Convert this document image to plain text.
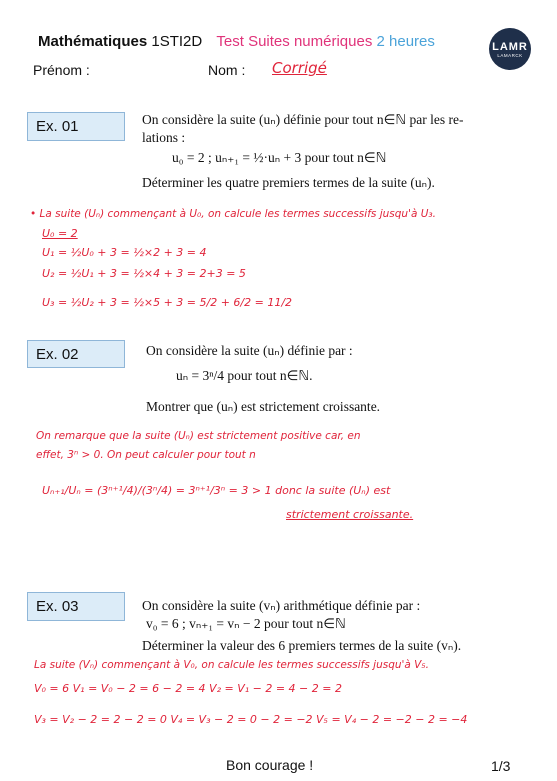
Mathématiques 1STI2D Test Suites numériques 2 heures
Prénom :	Nom : Corrigé
LAMR
LAMARCK
Ex. 01	On considère la suite (uₙ) définie pour tout n∈ℕ par les re-
lations :
u₀ = 2 ; uₙ₊₁ = ½·uₙ + 3 pour tout n∈ℕ
Déterminer les quatre premiers termes de la suite (uₙ).
• La suite (Uₙ) commençant à U₀, on calcule les termes successifs jusqu'à U₃.
U₀ = 2
U₁ = ½U₀ + 3 = ½×2 + 3 = 4
U₂ = ½U₁ + 3 = ½×4 + 3 = 2+3 = 5
U₃ = ½U₂ + 3 = ½×5 + 3 = 5/2 + 6/2 = 11/2
Ex. 02	On considère la suite (uₙ) définie par :
uₙ = 3ⁿ/4 pour tout n∈ℕ.
Montrer que (uₙ) est strictement croissante.
On remarque que la suite (Uₙ) est strictement positive car, en
effet, 3ⁿ > 0. On peut calculer pour tout n
Uₙ₊₁/Uₙ = (3ⁿ⁺¹/4)/(3ⁿ/4) = 3ⁿ⁺¹/3ⁿ = 3 > 1 donc la suite (Uₙ) est
strictement croissante.
Ex. 03	On considère la suite (vₙ) arithmétique définie par :
v₀ = 6 ; vₙ₊₁ = vₙ − 2 pour tout n∈ℕ
Déterminer la valeur des 6 premiers termes de la suite (vₙ).
La suite (Vₙ) commençant à V₀, on calcule les termes successifs jusqu'à V₅.
V₀ = 6 V₁ = V₀ − 2 = 6 − 2 = 4 V₂ = V₁ − 2 = 4 − 2 = 2
V₃ = V₂ − 2 = 2 − 2 = 0 V₄ = V₃ − 2 = 0 − 2 = −2 V₅ = V₄ − 2 = −2 − 2 = −4
Bon courage !	1/3
